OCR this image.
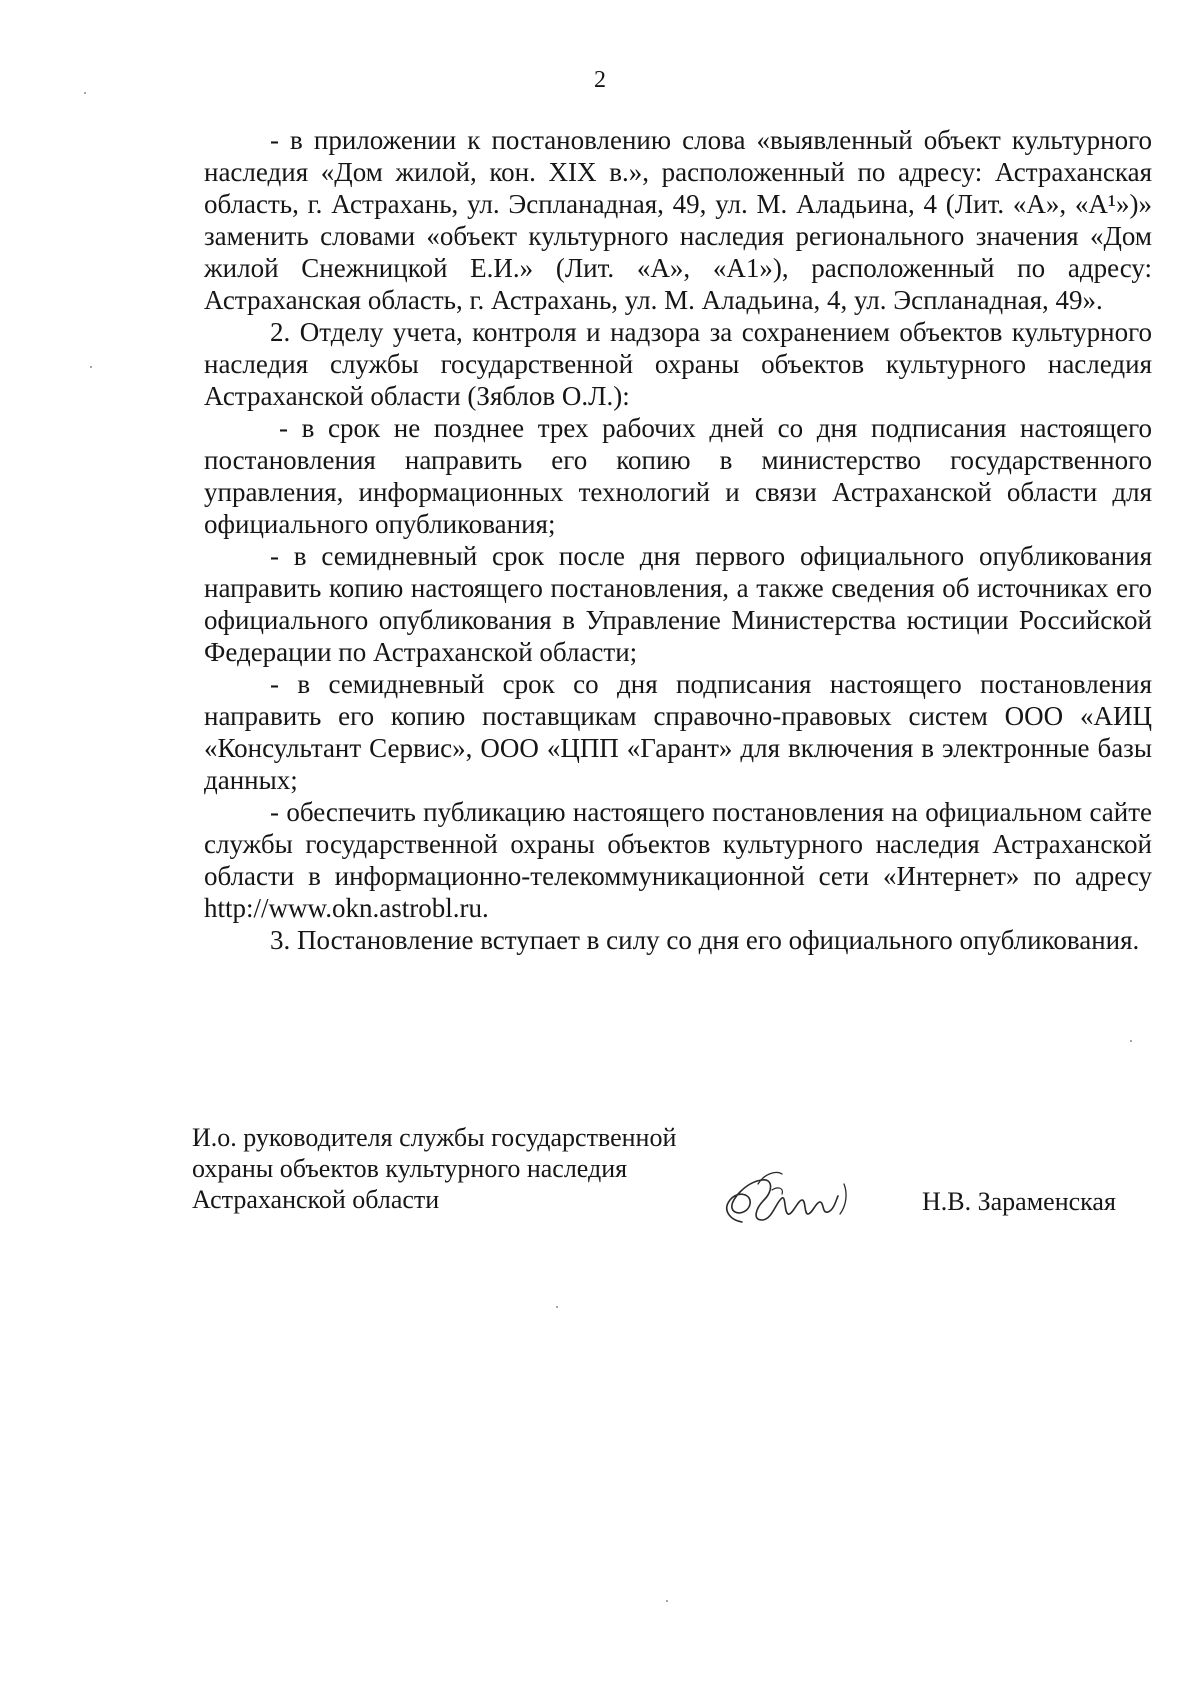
2

- в приложении к постановлению слова «выявленный объект культурного наследия «Дом жилой, кон. XIX в.», расположенный по адресу: Астраханская область, г. Астрахань, ул. Эспланадная, 49, ул. М. Аладьина, 4 (Лит. «А», «А¹»)» заменить словами «объект культурного наследия регионального значения «Дом жилой Снежницкой Е.И.» (Лит. «А», «А1»), расположенный по адресу: Астраханская область, г. Астрахань, ул. М. Аладьина, 4, ул. Эспланадная, 49».

2. Отделу учета, контроля и надзора за сохранением объектов культурного наследия службы государственной охраны объектов культурного наследия Астраханской области (Зяблов О.Л.):

- в срок не позднее трех рабочих дней со дня подписания настоящего постановления направить его копию в министерство государственного управления, информационных технологий и связи Астраханской области для официального опубликования;

- в семидневный срок после дня первого официального опубликования направить копию настоящего постановления, а также сведения об источниках его официального опубликования в Управление Министерства юстиции Российской Федерации по Астраханской области;

- в семидневный срок со дня подписания настоящего постановления направить его копию поставщикам справочно-правовых систем ООО «АИЦ «Консультант Сервис», ООО «ЦПП «Гарант» для включения в электронные базы данных;

- обеспечить публикацию настоящего постановления на официальном сайте службы государственной охраны объектов культурного наследия Астраханской области в информационно-телекоммуникационной сети «Интернет» по адресу http://www.okn.astrobl.ru.

3. Постановление вступает в силу со дня его официального опубликования.

И.о. руководителя службы государственной
охраны объектов культурного наследия
Астраханской области	Н.В. Зараменская
